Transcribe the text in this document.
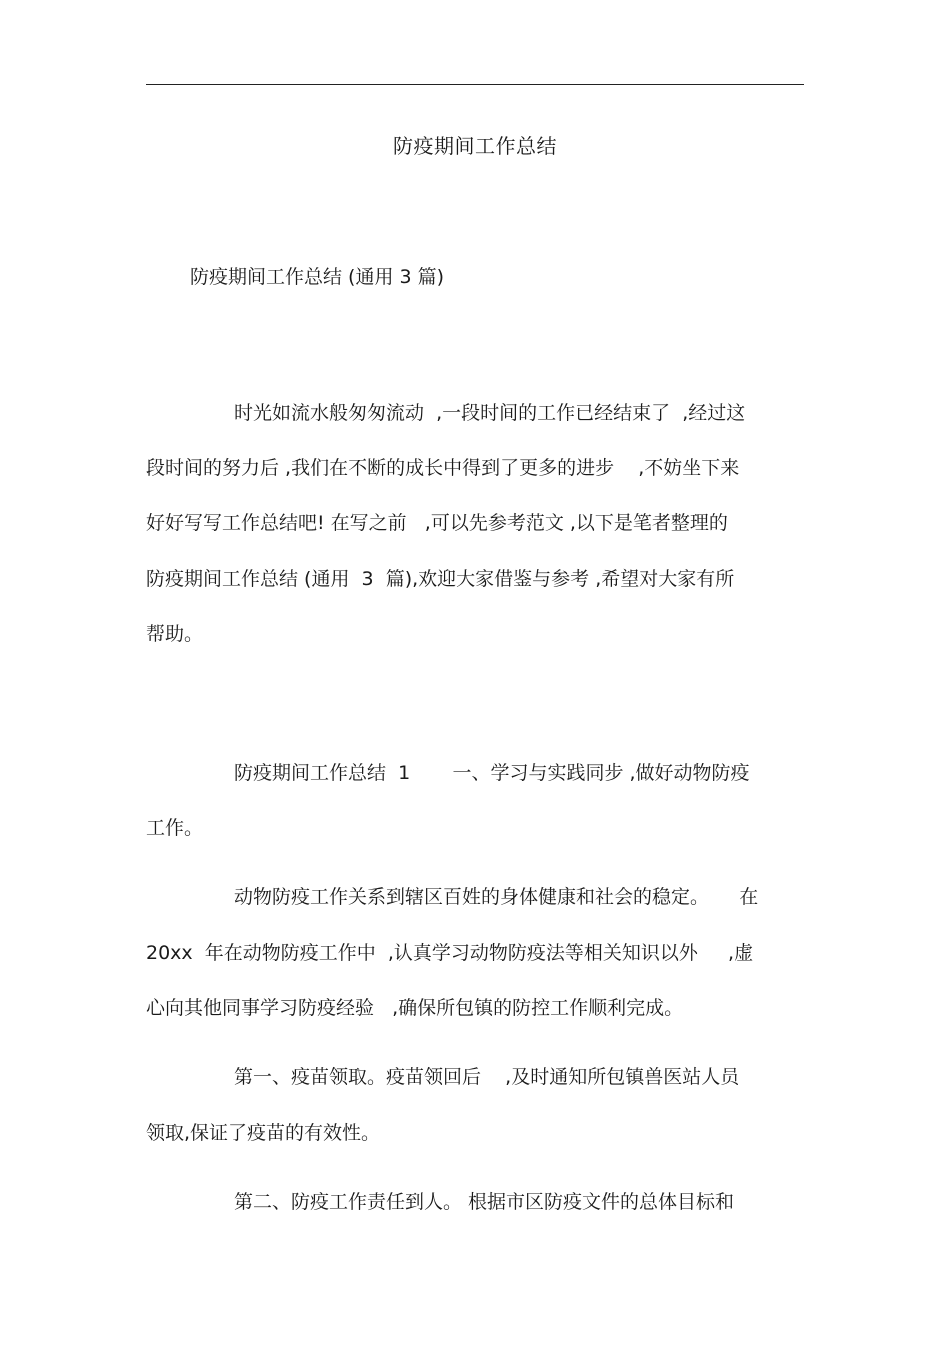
防疫期间工作总结
防疫期间工作总结 (通用 3 篇)
时光如流水般匆匆流动  ,一段时间的工作已经结束了  ,经过这
段时间的努力后 ,我们在不断的成长中得到了更多的进步    ,不妨坐下来
好好写写工作总结吧! 在写之前   ,可以先参考范文 ,以下是笔者整理的
防疫期间工作总结 (通用  3  篇),欢迎大家借鉴与参考 ,希望对大家有所
帮助。
防疫期间工作总结  1       一、学习与实践同步 ,做好动物防疫
工作。
动物防疫工作关系到辖区百姓的身体健康和社会的稳定。     在
20xx  年在动物防疫工作中  ,认真学习动物防疫法等相关知识以外     ,虚
心向其他同事学习防疫经验   ,确保所包镇的防控工作顺利完成。
第一、疫苗领取。疫苗领回后    ,及时通知所包镇兽医站人员
领取,保证了疫苗的有效性。
第二、防疫工作责任到人。 根据市区防疫文件的总体目标和
